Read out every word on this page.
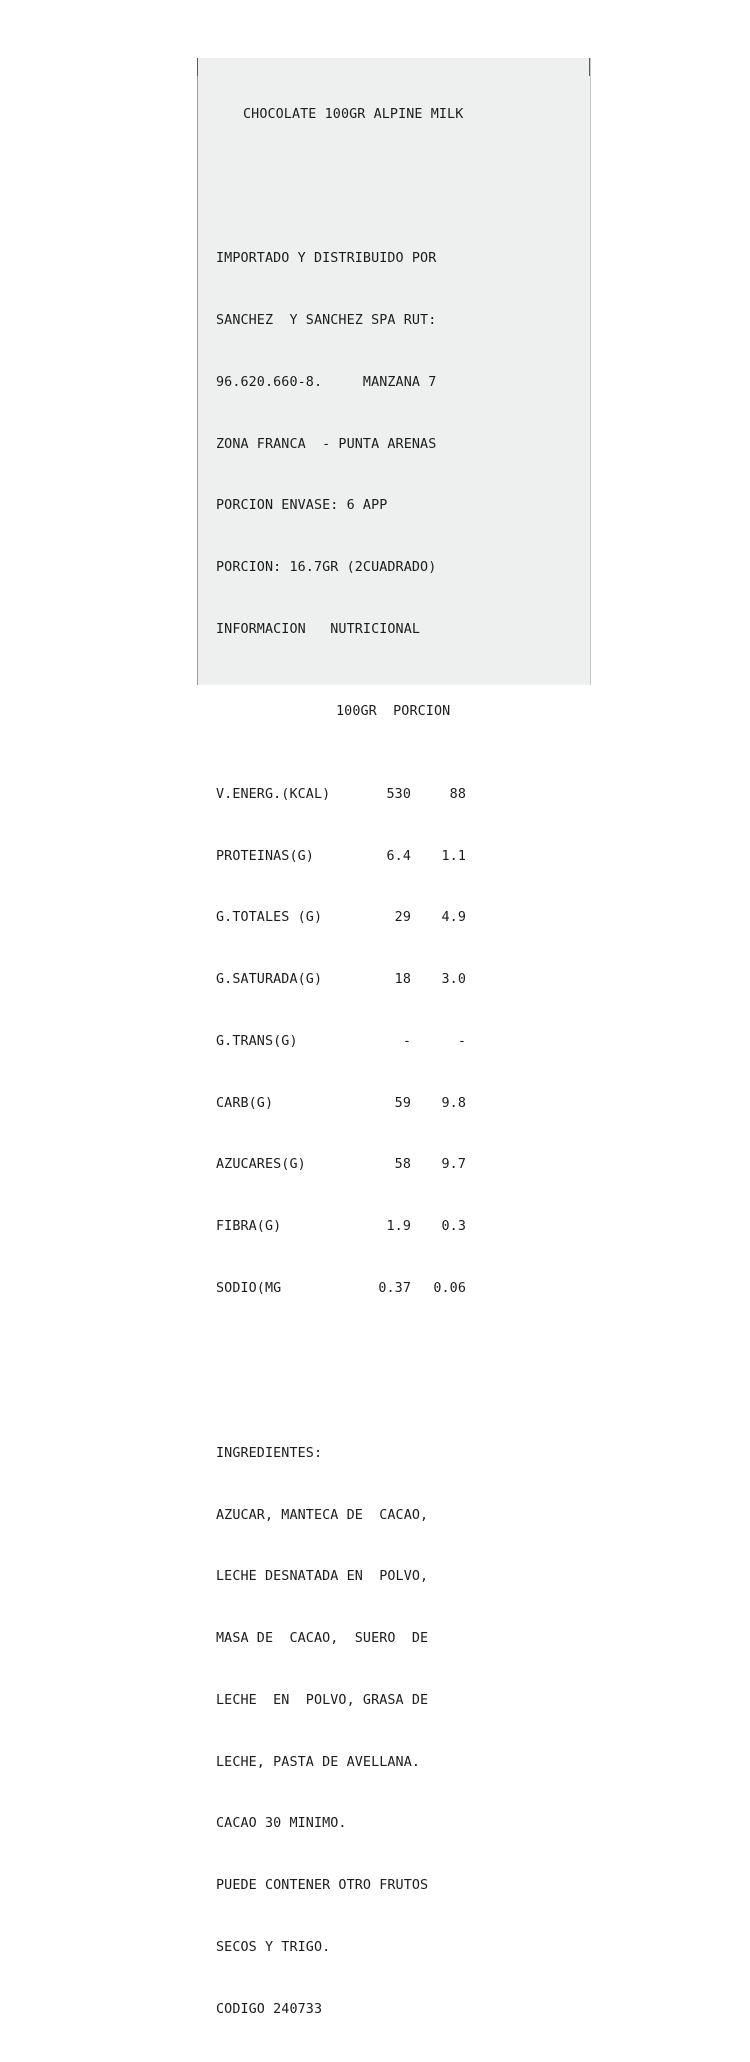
CHOCOLATE 100GR ALPINE MILK

IMPORTADO Y DISTRIBUIDO POR

SANCHEZ  Y SANCHEZ SPA RUT:

96.620.660-8.     MANZANA 7

ZONA FRANCA  - PUNTA ARENAS

PORCION ENVASE: 6 APP

PORCION: 16.7GR (2CUADRADO)

INFORMACION   NUTRICIONAL

100GR PORCION

V.ENERG.(KCAL)	530	88

PROTEINAS(G)	6.4	1.1

G.TOTALES (G)	29	4.9

G.SATURADA(G)	18	3.0

G.TRANS(G)	-	-

CARB(G)	59	9.8

AZUCARES(G)	58	9.7

FIBRA(G)	1.9	0.3

SODIO(MG	0.37	0.06

INGREDIENTES:

AZUCAR, MANTECA DE  CACAO,

LECHE DESNATADA EN  POLVO,

MASA DE  CACAO,  SUERO  DE

LECHE  EN  POLVO, GRASA DE

LECHE, PASTA DE AVELLANA.

CACAO 30 MINIMO.

PUEDE CONTENER OTRO FRUTOS

SECOS Y TRIGO.

CODIGO 240733
